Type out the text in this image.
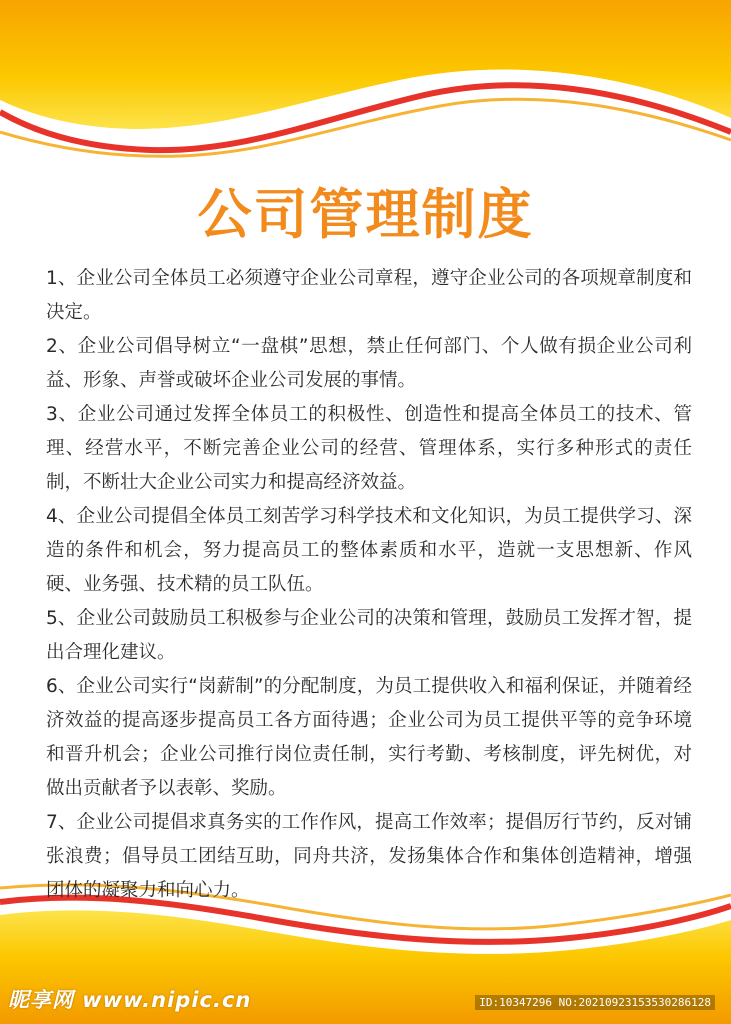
公司管理制度
1、企业公司全体员工必须遵守企业公司章程，遵守企业公司的各项规章制度和决定。
2、企业公司倡导树立“一盘棋”思想，禁止任何部门、个人做有损企业公司利益、形象、声誉或破坏企业公司发展的事情。
3、企业公司通过发挥全体员工的积极性、创造性和提高全体员工的技术、管理、经营水平，不断完善企业公司的经营、管理体系，实行多种形式的责任制，不断壮大企业公司实力和提高经济效益。
4、企业公司提倡全体员工刻苦学习科学技术和文化知识，为员工提供学习、深造的条件和机会，努力提高员工的整体素质和水平，造就一支思想新、作风硬、业务强、技术精的员工队伍。
5、企业公司鼓励员工积极参与企业公司的决策和管理，鼓励员工发挥才智，提出合理化建议。
6、企业公司实行“岗薪制”的分配制度，为员工提供收入和福利保证，并随着经济效益的提高逐步提高员工各方面待遇；企业公司为员工提供平等的竞争环境和晋升机会；企业公司推行岗位责任制，实行考勤、考核制度，评先树优，对做出贡献者予以表彰、奖励。
7、企业公司提倡求真务实的工作作风，提高工作效率；提倡厉行节约，反对铺张浪费；倡导员工团结互助，同舟共济，发扬集体合作和集体创造精神，增强团体的凝聚力和向心力。
昵享网 www.nipic.cn	ID:10347296 NO:20210923153530286128
